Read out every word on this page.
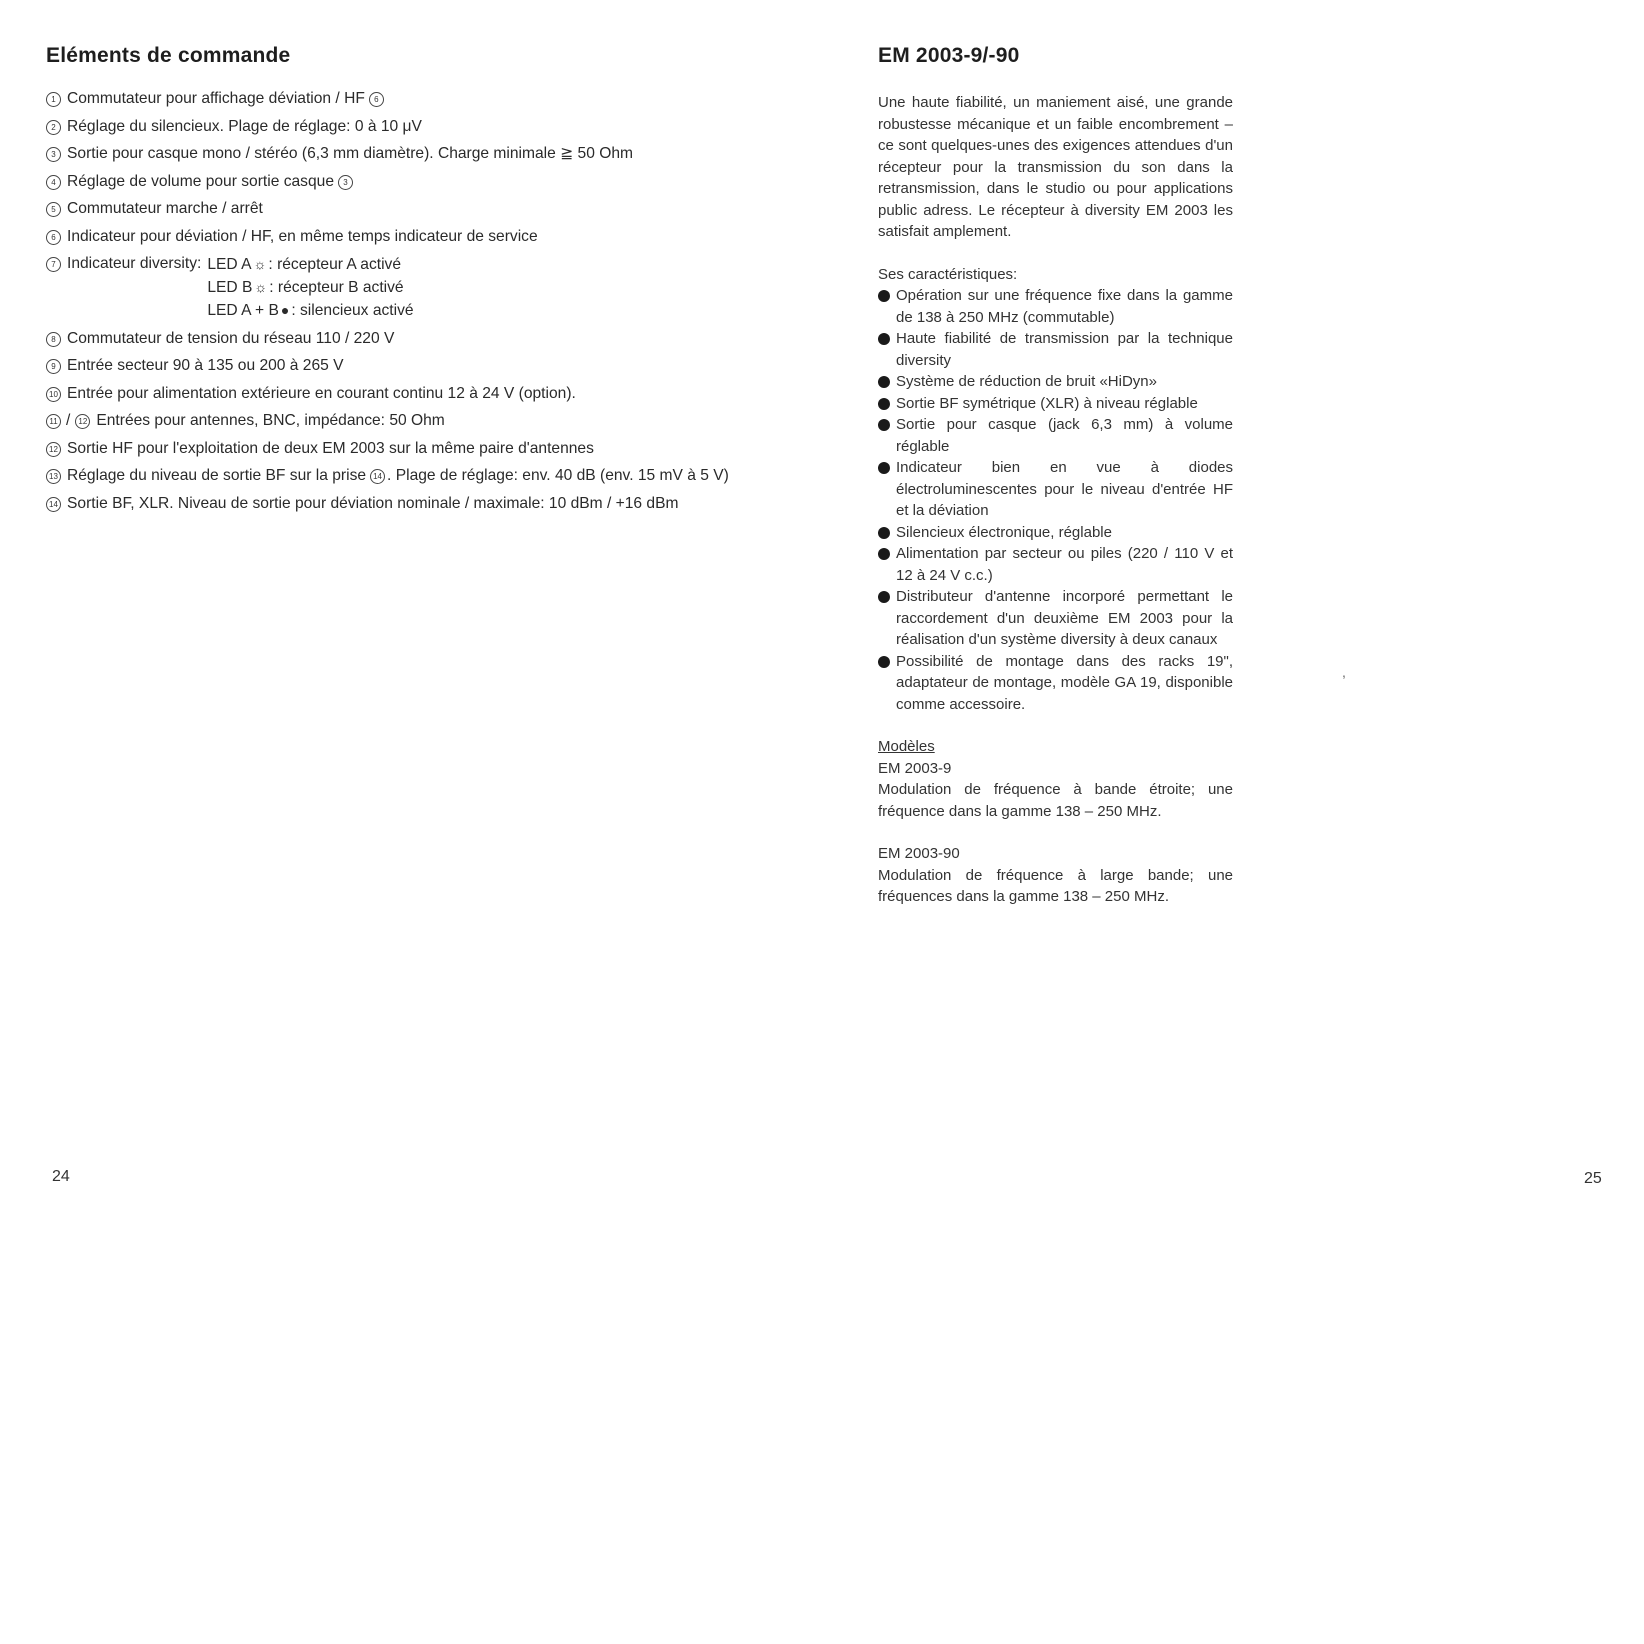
Eléments de commande
1 Commutateur pour affichage déviation / HF 6
2 Réglage du silencieux. Plage de réglage: 0 à 10 μV
3 Sortie pour casque mono / stéréo (6,3 mm diamètre). Charge minimale ≧ 50 Ohm
4 Réglage de volume pour sortie casque 3
5 Commutateur marche / arrêt
6 Indicateur pour déviation / HF, en même temps indicateur de service
7 Indicateur diversity: LED A ☼ : récepteur A activé
LED B ☼ : récepteur B activé
LED A + B ● : silencieux activé
8 Commutateur de tension du réseau 110 / 220 V
9 Entrée secteur 90 à 135 ou 200 à 265 V
10 Entrée pour alimentation extérieure en courant continu 12 à 24 V (option).
11 /	12 Entrées pour antennes, BNC, impédance: 50 Ohm
12 Sortie HF pour l'exploitation de deux EM 2003 sur la même paire d'antennes
13 Réglage du niveau de sortie BF sur la prise 14 . Plage de réglage: env. 40 dB (env. 15 mV à 5 V)
14 Sortie BF, XLR. Niveau de sortie pour déviation nominale / maximale: 10 dBm / +16 dBm
24
EM 2003-9/-90

Une haute fiabilité, un maniement aisé, une grande robustesse mécanique et un faible encombrement – ce sont quelques-unes des exigences attendues d'un récepteur pour la transmission du son dans la retransmission, dans le studio ou pour applications public adress. Le récepteur à diversity EM 2003 les satisfait amplement.

Ses caractéristiques:

Opération sur une fréquence fixe dans la gamme de 138 à 250 MHz (commutable)
Haute fiabilité de transmission par la technique diversity
Système de réduction de bruit «HiDyn»
Sortie BF symétrique (XLR) à niveau réglable
Sortie pour casque (jack 6,3 mm) à volume réglable
Indicateur bien en vue à diodes électroluminescentes pour le niveau d'entrée HF et la déviation
Silencieux électronique, réglable
Alimentation par secteur ou piles (220 / 110 V et 12 à 24 V c.c.)
Distributeur d'antenne incorporé permettant le raccordement d'un deuxième EM 2003 pour la réalisation d'un système diversity à deux canaux
Possibilité de montage dans des racks 19", adaptateur de montage, modèle GA 19, disponible comme accessoire.

Modèles

EM 2003-9

Modulation de fréquence à bande étroite; une fréquence dans la gamme 138 – 250 MHz.

EM 2003-90

Modulation de fréquence à large bande; une fréquences dans la gamme 138 – 250 MHz.

,
25
